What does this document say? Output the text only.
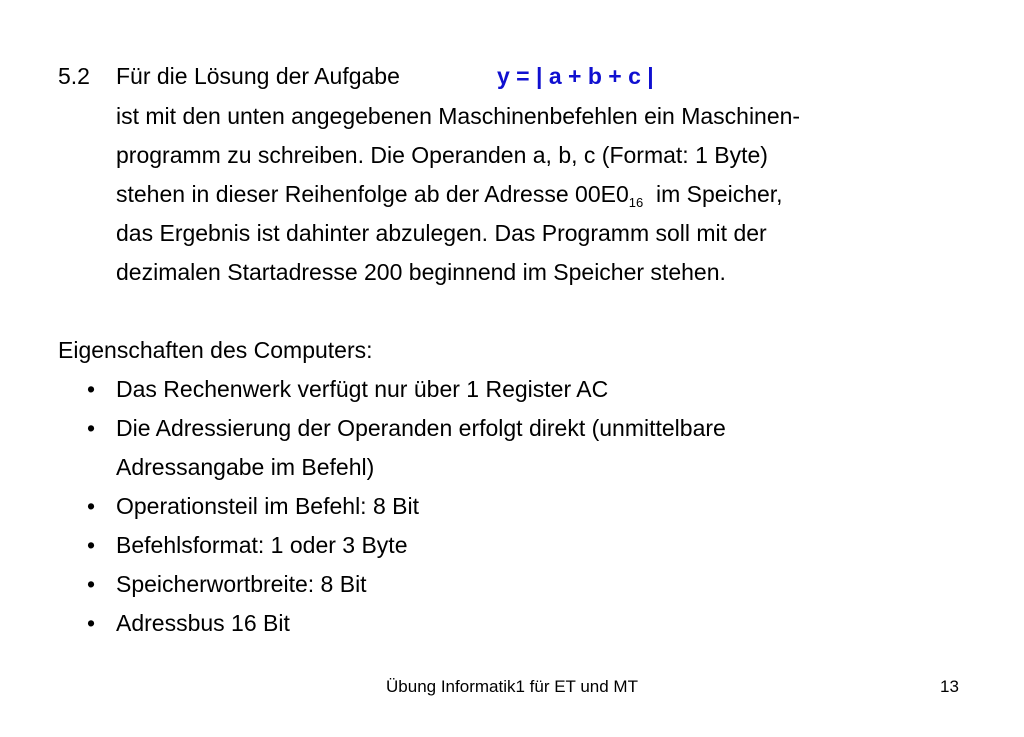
5.2 Für die Lösung der Aufgabe	y = | a + b + c |
ist mit den unten angegebenen Maschinenbefehlen ein Maschinen-
programm zu schreiben. Die Operanden a, b, c (Format: 1 Byte)
stehen in dieser Reihenfolge ab der Adresse $00E0_{16}$  im Speicher,
das Ergebnis ist dahinter abzulegen. Das Programm soll mit der
dezimalen Startadresse 200 beginnend im Speicher stehen.
Eigenschaften des Computers:
• Das Rechenwerk verfügt nur über 1 Register AC
• Die Adressierung der Operanden erfolgt direkt (unmittelbare
Adressangabe im Befehl)
• Operationsteil im Befehl: 8 Bit
• Befehlsformat: 1 oder 3 Byte
• Speicherwortbreite: 8 Bit
• Adressbus 16 Bit
Übung Informatik1 für ET und MT	13
